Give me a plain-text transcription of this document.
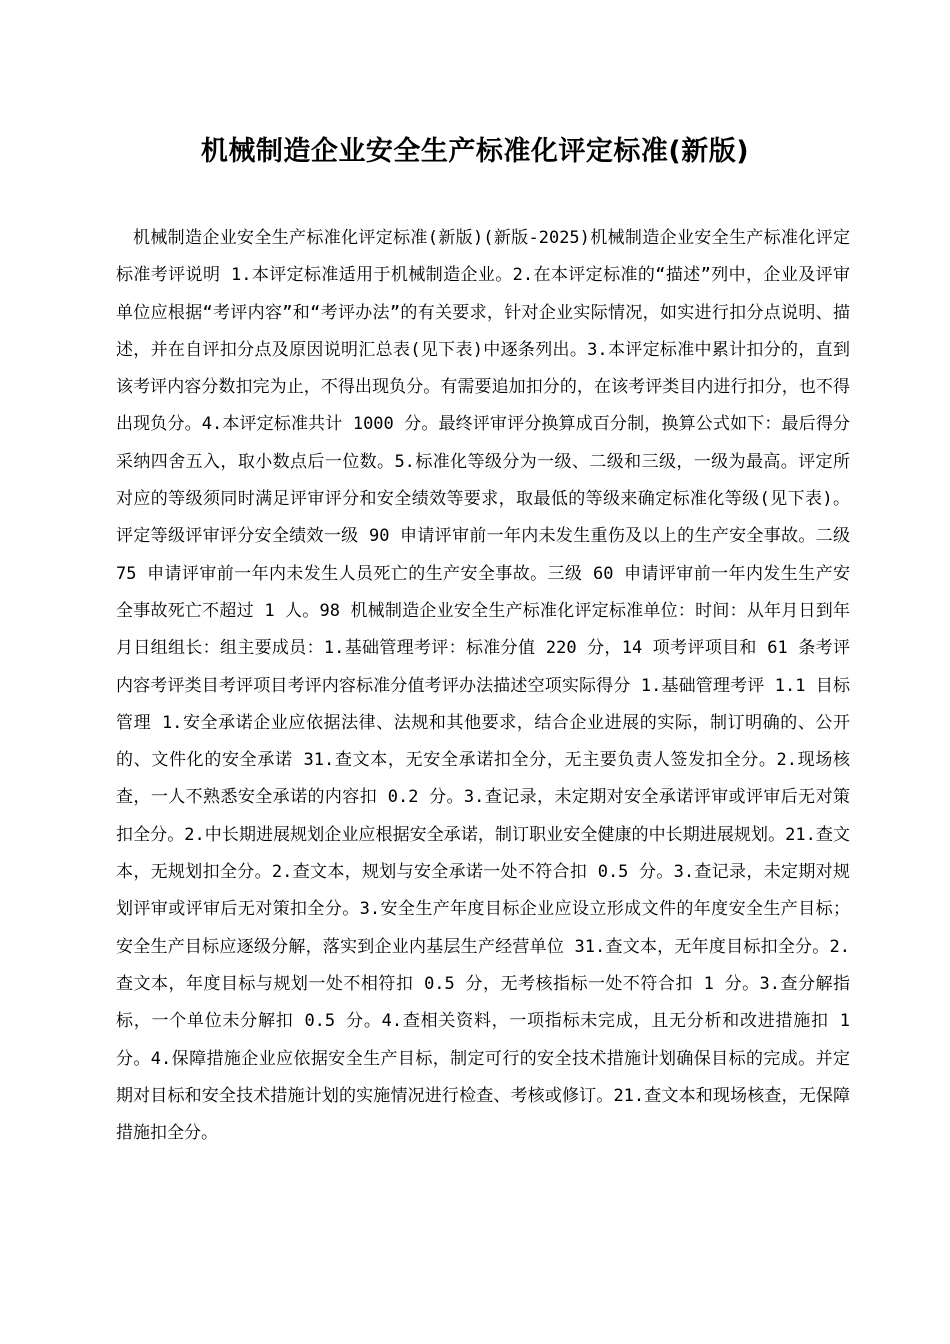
机械制造企业安全生产标准化评定标准(新版)

机械制造企业安全生产标准化评定标准(新版)(新版-2025)机械制造企业安全生产标准化评定标准考评说明 1.本评定标准适用于机械制造企业。2.在本评定标准的“描述”列中，企业及评审单位应根据“考评内容”和“考评办法”的有关要求，针对企业实际情况，如实进行扣分点说明、描述，并在自评扣分点及原因说明汇总表(见下表)中逐条列出。3.本评定标准中累计扣分的，直到该考评内容分数扣完为止，不得出现负分。有需要追加扣分的，在该考评类目内进行扣分，也不得出现负分。4.本评定标准共计 1000 分。最终评审评分换算成百分制，换算公式如下：最后得分采纳四舍五入，取小数点后一位数。5.标准化等级分为一级、二级和三级，一级为最高。评定所对应的等级须同时满足评审评分和安全绩效等要求，取最低的等级来确定标准化等级(见下表)。评定等级评审评分安全绩效一级 90 申请评审前一年内未发生重伤及以上的生产安全事故。二级 75 申请评审前一年内未发生人员死亡的生产安全事故。三级 60 申请评审前一年内发生生产安全事故死亡不超过 1 人。98 机械制造企业安全生产标准化评定标准单位：时间：从年月日到年月日组组长：组主要成员：1.基础管理考评：标准分值 220 分，14 项考评项目和 61 条考评内容考评类目考评项目考评内容标准分值考评办法描述空项实际得分 1.基础管理考评 1.1 目标管理 1.安全承诺企业应依据法律、法规和其他要求，结合企业进展的实际，制订明确的、公开的、文件化的安全承诺 31.查文本，无安全承诺扣全分，无主要负责人签发扣全分。2.现场核查，一人不熟悉安全承诺的内容扣 0.2 分。3.查记录，未定期对安全承诺评审或评审后无对策扣全分。2.中长期进展规划企业应根据安全承诺，制订职业安全健康的中长期进展规划。21.查文本，无规划扣全分。2.查文本，规划与安全承诺一处不符合扣 0.5 分。3.查记录，未定期对规划评审或评审后无对策扣全分。3.安全生产年度目标企业应设立形成文件的年度安全生产目标；安全生产目标应逐级分解，落实到企业内基层生产经营单位 31.查文本，无年度目标扣全分。2.查文本，年度目标与规划一处不相符扣 0.5 分，无考核指标一处不符合扣 1 分。3.查分解指标，一个单位未分解扣 0.5 分。4.查相关资料，一项指标未完成，且无分析和改进措施扣 1 分。4.保障措施企业应依据安全生产目标，制定可行的安全技术措施计划确保目标的完成。并定期对目标和安全技术措施计划的实施情况进行检查、考核或修订。21.查文本和现场核查，无保障措施扣全分。
